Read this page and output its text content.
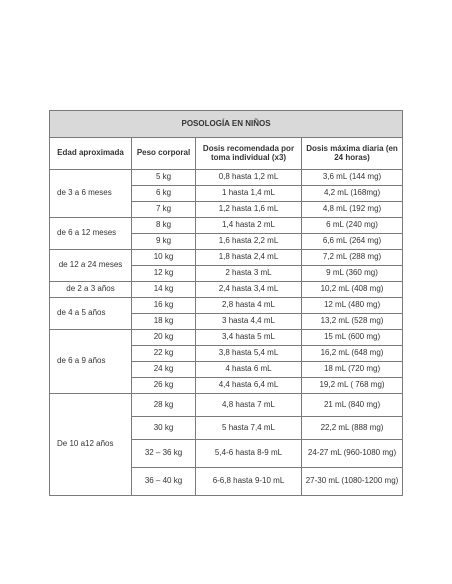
POSOLOGÍA EN NIÑOS			
Edad aproximada	Peso corporal	Dosis recomendada por toma individual (x3)	Dosis máxima diaria (en 24 horas)
de 3 a 6 meses	5 kg	0,8 hasta 1,2 mL	3,6 mL (144 mg)
	6 kg	1 hasta 1,4 mL	4,2 mL (168mg)
	7 kg	1,2 hasta 1,6 mL	4,8 mL (192 mg)
de 6 a 12 meses	8 kg	1,4 hasta 2 mL	6 mL (240 mg)
	9 kg	1,6 hasta 2,2 mL	6,6 mL (264 mg)
de 12 a 24 meses	10 kg	1,8 hasta 2,4 mL	7,2 mL (288 mg)
	12 kg	2 hasta 3 mL	9 mL (360 mg)
de 2 a 3 años	14 kg	2,4 hasta 3,4 mL	10,2 mL (408 mg)
de 4 a 5 años	16 kg	2,8 hasta 4 mL	12 mL (480 mg)
	18 kg	3 hasta 4,4 mL	13,2 mL (528 mg)
de 6 a 9 años	20 kg	3,4 hasta 5 mL	15 mL (600 mg)
	22 kg	3,8 hasta 5,4 mL	16,2 mL (648 mg)
	24 kg	4 hasta 6 mL	18 mL (720 mg)
	26 kg	4,4 hasta 6,4 mL	19,2 mL ( 768 mg)
De 10 a12 años	28 kg	4,8 hasta 7 mL	21 mL (840 mg)
	30 kg	5 hasta 7,4 mL	22,2 mL (888 mg)
	32 – 36 kg	5,4-6 hasta 8-9 mL	24-27 mL (960-1080 mg)
	36 – 40 kg	6-6,8 hasta 9-10 mL	27-30 mL (1080-1200 mg)
